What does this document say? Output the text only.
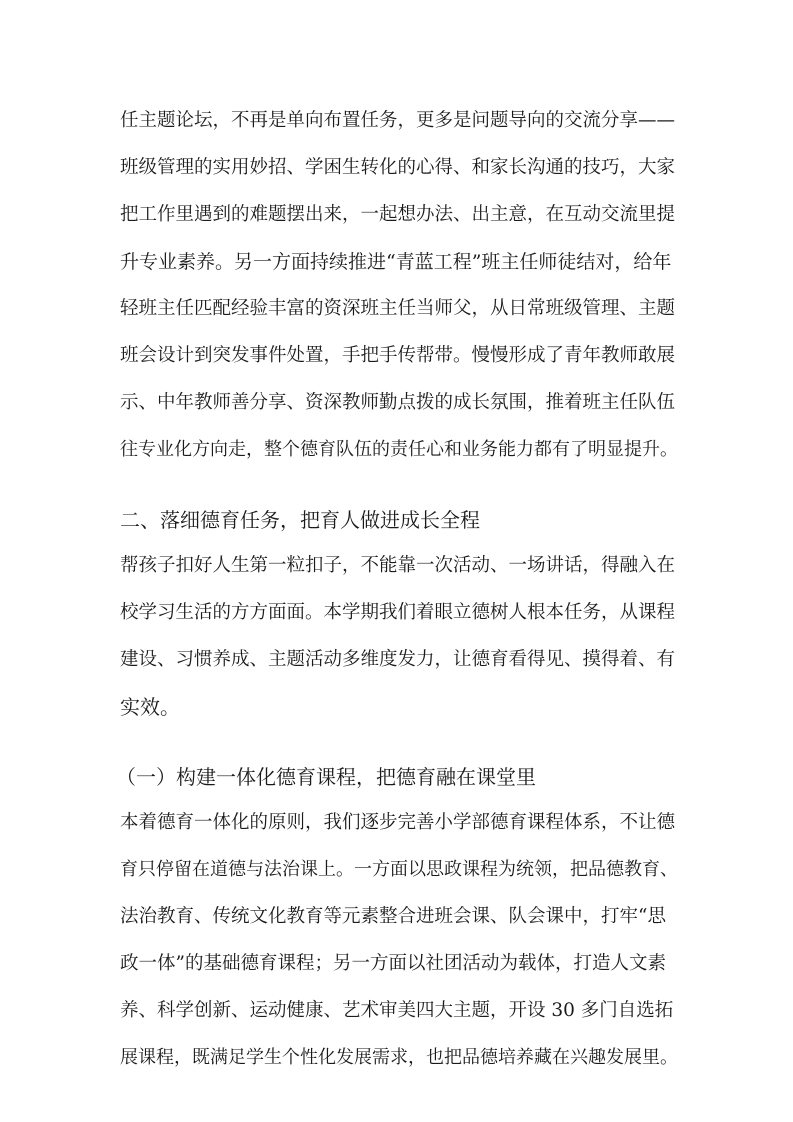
任主题论坛，不再是单向布置任务，更多是问题导向的交流分享——

班级管理的实用妙招、学困生转化的心得、和家长沟通的技巧，大家

把工作里遇到的难题摆出来，一起想办法、出主意，在互动交流里提

升专业素养。另一方面持续推进“青蓝工程”班主任师徒结对，给年

轻班主任匹配经验丰富的资深班主任当师父，从日常班级管理、主题

班会设计到突发事件处置，手把手传帮带。慢慢形成了青年教师敢展

示、中年教师善分享、资深教师勤点拨的成长氛围，推着班主任队伍

往专业化方向走，整个德育队伍的责任心和业务能力都有了明显提升。

二、落细德育任务，把育人做进成长全程

帮孩子扣好人生第一粒扣子，不能靠一次活动、一场讲话，得融入在

校学习生活的方方面面。本学期我们着眼立德树人根本任务，从课程

建设、习惯养成、主题活动多维度发力，让德育看得见、摸得着、有

实效。

（一）构建一体化德育课程，把德育融在课堂里

本着德育一体化的原则，我们逐步完善小学部德育课程体系，不让德

育只停留在道德与法治课上。一方面以思政课程为统领，把品德教育、

法治教育、传统文化教育等元素整合进班会课、队会课中，打牢“思

政一体”的基础德育课程；另一方面以社团活动为载体，打造人文素

养、科学创新、运动健康、艺术审美四大主题，开设 30 多门自选拓

展课程，既满足学生个性化发展需求，也把品德培养藏在兴趣发展里。
